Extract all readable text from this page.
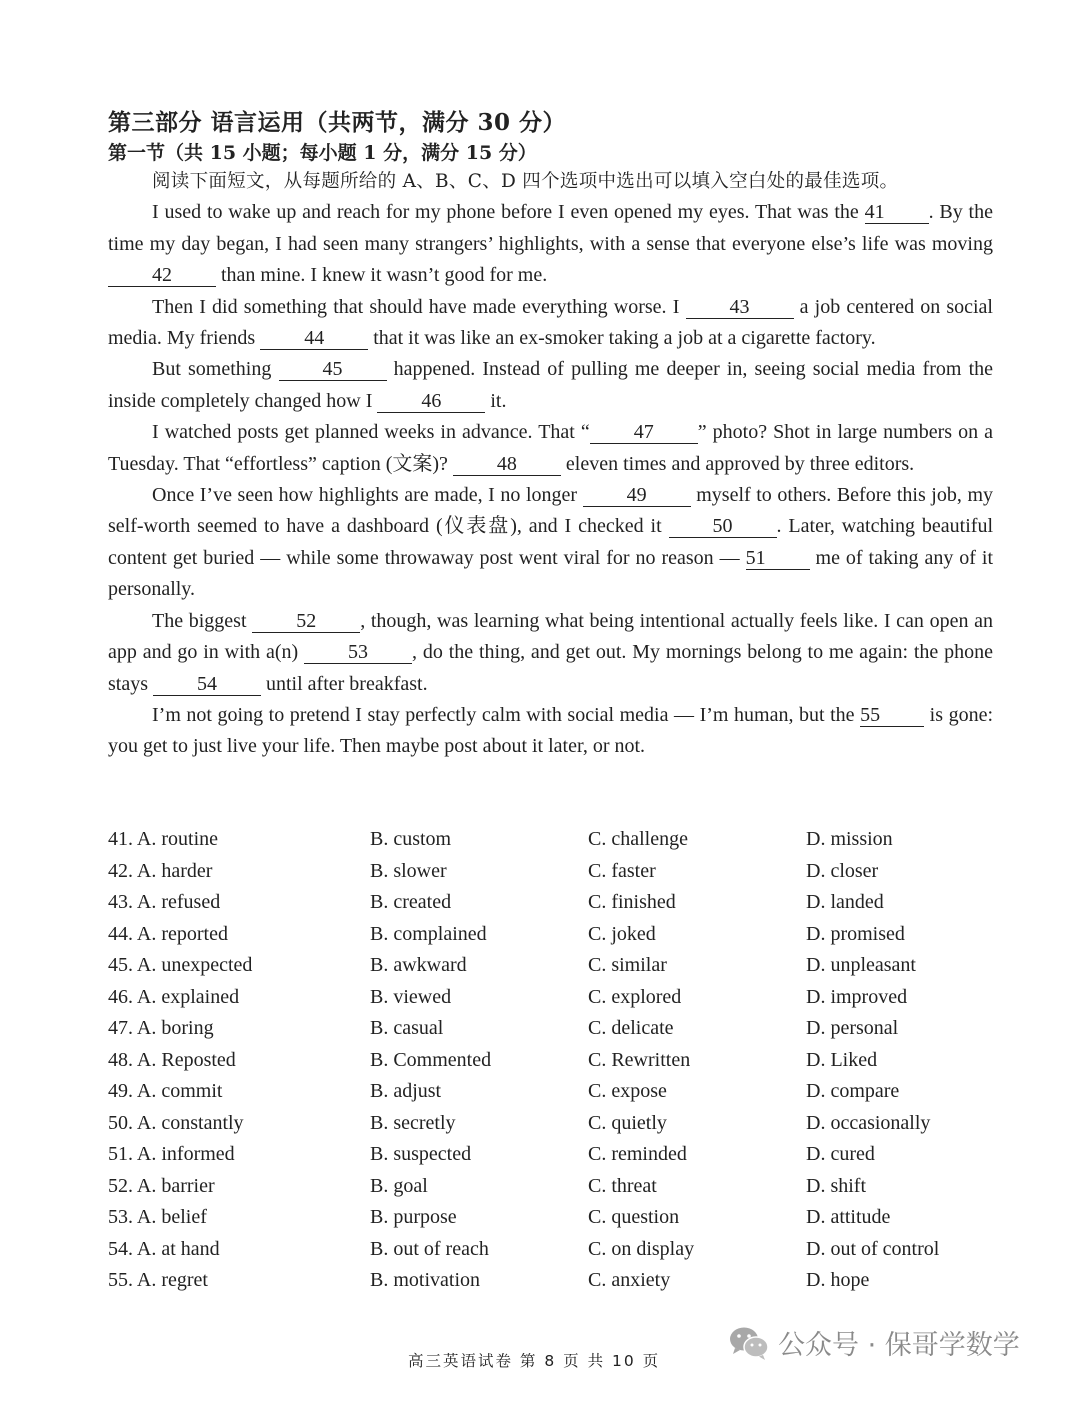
第三部分 语言运用（共两节，满分 30 分）
第一节（共 15 小题；每小题 1 分，满分 15 分）

阅读下面短文，从每题所给的 A、B、C、D 四个选项中选出可以填入空白处的最佳选项。

I used to wake up and reach for my phone before I even opened my eyes. That was the 41 . By the time my day began, I had seen many strangers’ highlights, with a sense that everyone else’s life was moving 42 than mine. I knew it wasn’t good for me.

Then I did something that should have made everything worse. I 43 a job centered on social media. My friends 44 that it was like an ex-smoker taking a job at a cigarette factory.

But something 45 happened. Instead of pulling me deeper in, seeing social media from the inside completely changed how I 46 it.

I watched posts get planned weeks in advance. That “ 47 ” photo? Shot in large numbers on a Tuesday. That “effortless” caption (文案)? 48 eleven times and approved by three editors.

Once I’ve seen how highlights are made, I no longer 49 myself to others. Before this job, my self-worth seemed to have a dashboard (仪表盘), and I checked it 50 . Later, watching beautiful content get buried — while some throwaway post went viral for no reason — 51 me of taking any of it personally.

The biggest 52 , though, was learning what being intentional actually feels like. I can open an app and go in with a(n) 53 , do the thing, and get out. My mornings belong to me again: the phone stays 54 until after breakfast.

I’m not going to pretend I stay perfectly calm with social media — I’m human, but the 55 is gone: you get to just live your life. Then maybe post about it later, or not.

41. A. routine	B. custom	C. challenge	D. mission
42. A. harder	B. slower	C. faster	D. closer
43. A. refused	B. created	C. finished	D. landed
44. A. reported	B. complained	C. joked	D. promised
45. A. unexpected	B. awkward	C. similar	D. unpleasant
46. A. explained	B. viewed	C. explored	D. improved
47. A. boring	B. casual	C. delicate	D. personal
48. A. Reposted	B. Commented	C. Rewritten	D. Liked
49. A. commit	B. adjust	C. expose	D. compare
50. A. constantly	B. secretly	C. quietly	D. occasionally
51. A. informed	B. suspected	C. reminded	D. cured
52. A. barrier	B. goal	C. threat	D. shift
53. A. belief	B. purpose	C. question	D. attitude
54. A. at hand	B. out of reach	C. on display	D. out of control
55. A. regret	B. motivation	C. anxiety	D. hope
高三英语试卷 第 8 页 共 10 页	公众号 · 保哥学数学
